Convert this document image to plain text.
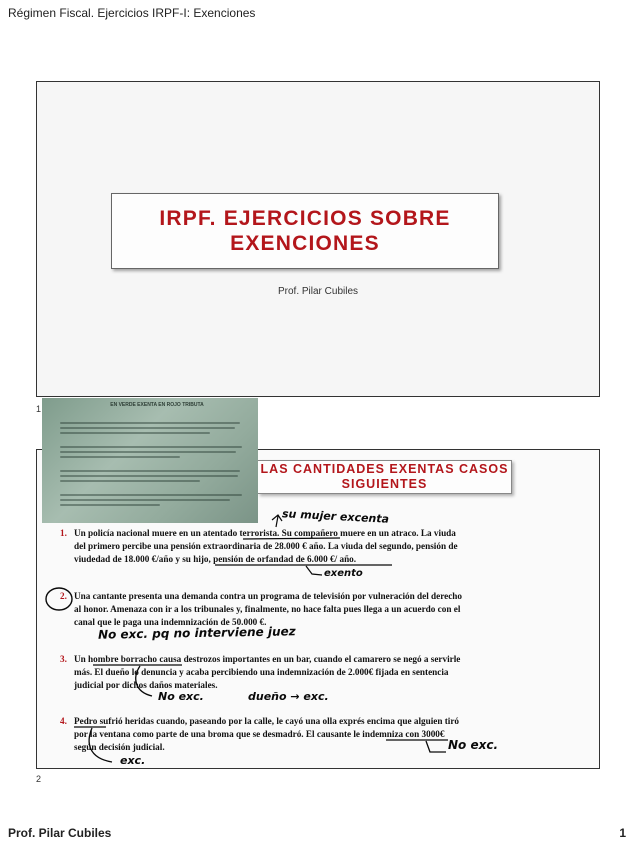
Régimen Fiscal. Ejercicios IRPF-I: Exenciones
IRPF. EJERCICIOS SOBRE EXENCIONES
Prof. Pilar Cubiles
1
LAS CANTIDADES EXENTAS CASOS SIGUIENTES
EN VERDE EXENTA EN ROJO TRIBUTA
1. Un policía nacional muere en un atentado terrorista. Su compañero muere en un atraco. La viuda
del primero percibe una pensión extraordinaria de 28.000 € año. La viuda del segundo, pensión de
viudedad de 18.000 €/año y su hijo, pensión de orfandad de 6.000 €/ año.
2. Una cantante presenta una demanda contra un programa de televisión por vulneración del derecho
al honor. Amenaza con ir a los tribunales y, finalmente, no hace falta pues llega a un acuerdo con el
canal que le paga una indemnización de 50.000 €.
3. Un hombre borracho causa destrozos importantes en un bar, cuando el camarero se negó a servirle
más. El dueño lo denuncia y acaba percibiendo una indemnización de 2.000€ fijada en sentencia
judicial por dichos daños materiales.
4. Pedro sufrió heridas cuando, paseando por la calle, le cayó una olla exprés encima que alguien tiró
por la ventana como parte de una broma que se desmadró. El causante le indemniza con 3000€
según decisión judicial.
su mujer excenta
exento
No exc. pq no interviene juez
No exc.	dueño → exc.
No exc.
exc.
2
Prof. Pilar Cubiles	1
